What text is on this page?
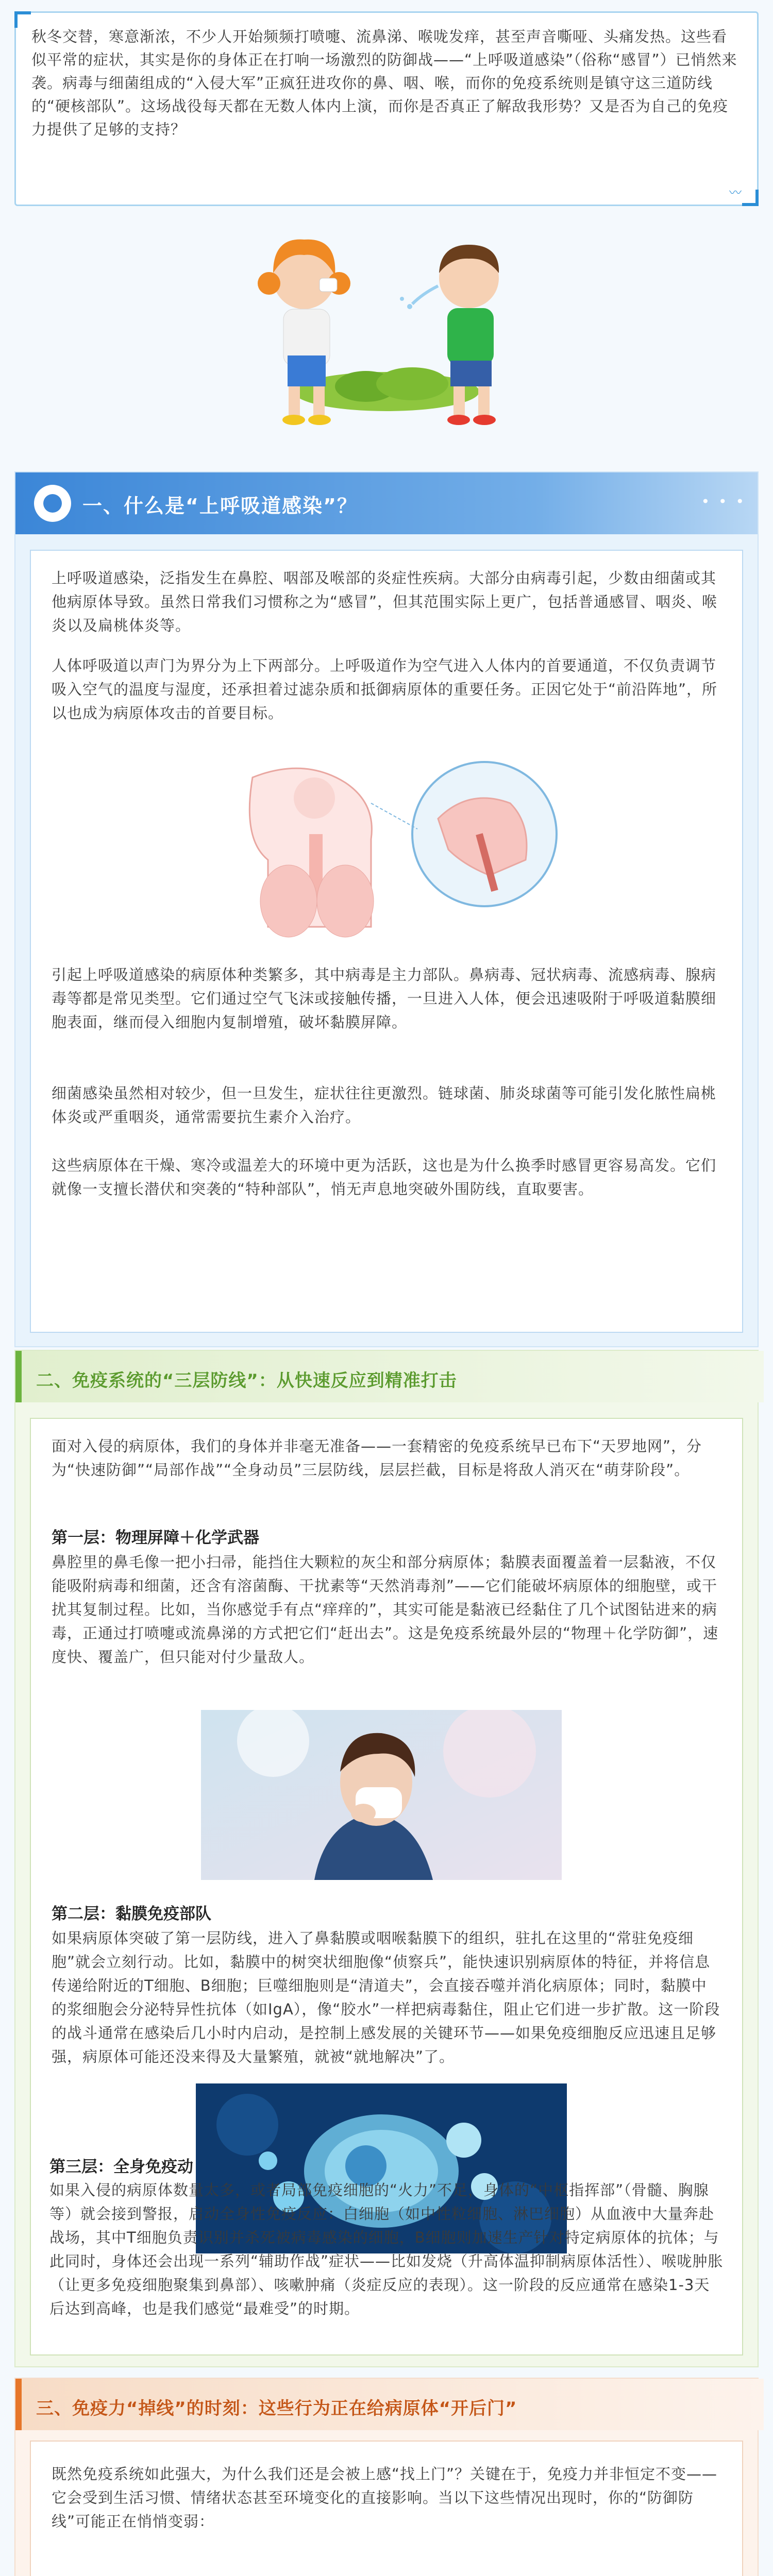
秋冬交替，寒意渐浓，不少人开始频频打喷嚏、流鼻涕、喉咙发痒，甚至声音嘶哑、头痛发热。这些看似平常的症状，其实是你的身体正在打响一场激烈的防御战——“上呼吸道感染”（俗称“感冒”）已悄然来袭。病毒与细菌组成的“入侵大军”正疯狂进攻你的鼻、咽、喉，而你的免疫系统则是镇守这三道防线的“硬核部队”。这场战役每天都在无数人体内上演，而你是否真正了解敌我形势？又是否为自己的免疫力提供了足够的支持？

〰
一、什么是“上呼吸道感染”？	• • •

上呼吸道感染，泛指发生在鼻腔、咽部及喉部的炎症性疾病。大部分由病毒引起，少数由细菌或其他病原体导致。虽然日常我们习惯称之为“感冒”，但其范围实际上更广，包括普通感冒、咽炎、喉炎以及扁桃体炎等。

人体呼吸道以声门为界分为上下两部分。上呼吸道作为空气进入人体内的首要通道，不仅负责调节吸入空气的温度与湿度，还承担着过滤杂质和抵御病原体的重要任务。正因它处于“前沿阵地”，所以也成为病原体攻击的首要目标。

引起上呼吸道感染的病原体种类繁多，其中病毒是主力部队。鼻病毒、冠状病毒、流感病毒、腺病毒等都是常见类型。它们通过空气飞沫或接触传播，一旦进入人体，便会迅速吸附于呼吸道黏膜细胞表面，继而侵入细胞内复制增殖，破坏黏膜屏障。

细菌感染虽然相对较少，但一旦发生，症状往往更激烈。链球菌、肺炎球菌等可能引发化脓性扁桃体炎或严重咽炎，通常需要抗生素介入治疗。

这些病原体在干燥、寒冷或温差大的环境中更为活跃，这也是为什么换季时感冒更容易高发。它们就像一支擅长潜伏和突袭的“特种部队”，悄无声息地突破外围防线，直取要害。

二、免疫系统的“三层防线”：从快速反应到精准打击

面对入侵的病原体，我们的身体并非毫无准备——一套精密的免疫系统早已布下“天罗地网”，分为“快速防御”“局部作战”“全身动员”三层防线，层层拦截，目标是将敌人消灭在“萌芽阶段”。

第一层：物理屏障＋化学武器

鼻腔里的鼻毛像一把小扫帚，能挡住大颗粒的灰尘和部分病原体；黏膜表面覆盖着一层黏液，不仅能吸附病毒和细菌，还含有溶菌酶、干扰素等“天然消毒剂”——它们能破坏病原体的细胞壁，或干扰其复制过程。比如，当你感觉手有点“痒痒的”，其实可能是黏液已经黏住了几个试图钻进来的病毒，正通过打喷嚏或流鼻涕的方式把它们“赶出去”。这是免疫系统最外层的“物理＋化学防御”，速度快、覆盖广，但只能对付少量敌人。

第二层：黏膜免疫部队

如果病原体突破了第一层防线，进入了鼻黏膜或咽喉黏膜下的组织，驻扎在这里的“常驻免疫细胞”就会立刻行动。比如，黏膜中的树突状细胞像“侦察兵”，能快速识别病原体的特征，并将信息传递给附近的T细胞、B细胞；巨噬细胞则是“清道夫”，会直接吞噬并消化病原体；同时，黏膜中的浆细胞会分泌特异性抗体（如IgA），像“胶水”一样把病毒黏住，阻止它们进一步扩散。这一阶段的战斗通常在感染后几小时内启动，是控制上感发展的关键环节——如果免疫细胞反应迅速且足够强，病原体可能还没来得及大量繁殖，就被“就地解决”了。

三、免疫力“掉线”的时刻：这些行为正在给病原体“开后门”

既然免疫系统如此强大，为什么我们还是会被上感“找上门”？关键在于，免疫力并非恒定不变——它会受到生活习惯、情绪状态甚至环境变化的直接影响。当以下这些情况出现时，你的“防御防线”可能正在悄悄变弱：

第三层：全身免疫动

如果入侵的病原体数量太多，或者局部免疫细胞的“火力”不足，身体的“中枢指挥部”（骨髓、胸腺等）就会接到警报，启动全身性免疫反应：白细胞（如中性粒细胞、淋巴细胞）从血液中大量奔赴战场，其中T细胞负责识别并杀死被病毒感染的细胞，B细胞则加速生产针对特定病原体的抗体；与此同时，身体还会出现一系列“辅助作战”症状——比如发烧（升高体温抑制病原体活性）、喉咙肿胀（让更多免疫细胞聚集到鼻部）、咳嗽肿痛（炎症反应的表现）。这一阶段的反应通常在感染1-3天后达到高峰，也是我们感觉“最难受”的时期。
